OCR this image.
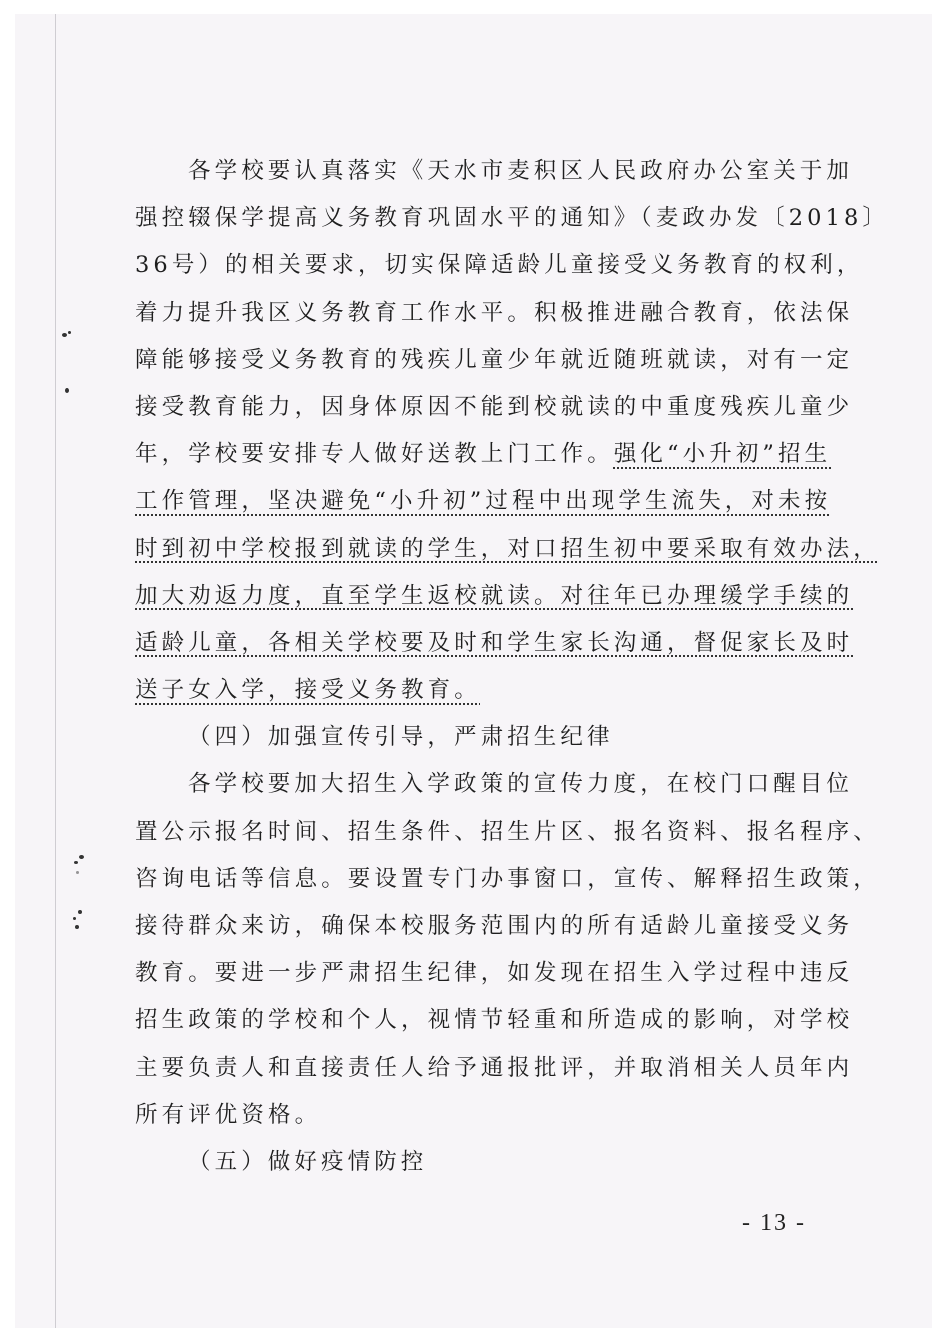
各学校要认真落实《天水市麦积区人民政府办公室关于加
强控辍保学提高义务教育巩固水平的通知》（麦政办发〔2018〕
36号）的相关要求，切实保障适龄儿童接受义务教育的权利，
着力提升我区义务教育工作水平。积极推进融合教育，依法保
障能够接受义务教育的残疾儿童少年就近随班就读，对有一定
接受教育能力，因身体原因不能到校就读的中重度残疾儿童少
年，学校要安排专人做好送教上门工作。强化“小升初”招生
工作管理，坚决避免“小升初”过程中出现学生流失，对未按
时到初中学校报到就读的学生，对口招生初中要采取有效办法，
加大劝返力度，直至学生返校就读。对往年已办理缓学手续的
适龄儿童，各相关学校要及时和学生家长沟通，督促家长及时
送子女入学，接受义务教育。
（四）加强宣传引导，严肃招生纪律
各学校要加大招生入学政策的宣传力度，在校门口醒目位
置公示报名时间、招生条件、招生片区、报名资料、报名程序、
咨询电话等信息。要设置专门办事窗口，宣传、解释招生政策，
接待群众来访，确保本校服务范围内的所有适龄儿童接受义务
教育。要进一步严肃招生纪律，如发现在招生入学过程中违反
招生政策的学校和个人，视情节轻重和所造成的影响，对学校
主要负责人和直接责任人给予通报批评，并取消相关人员年内
所有评优资格。
（五）做好疫情防控
- 13 -
